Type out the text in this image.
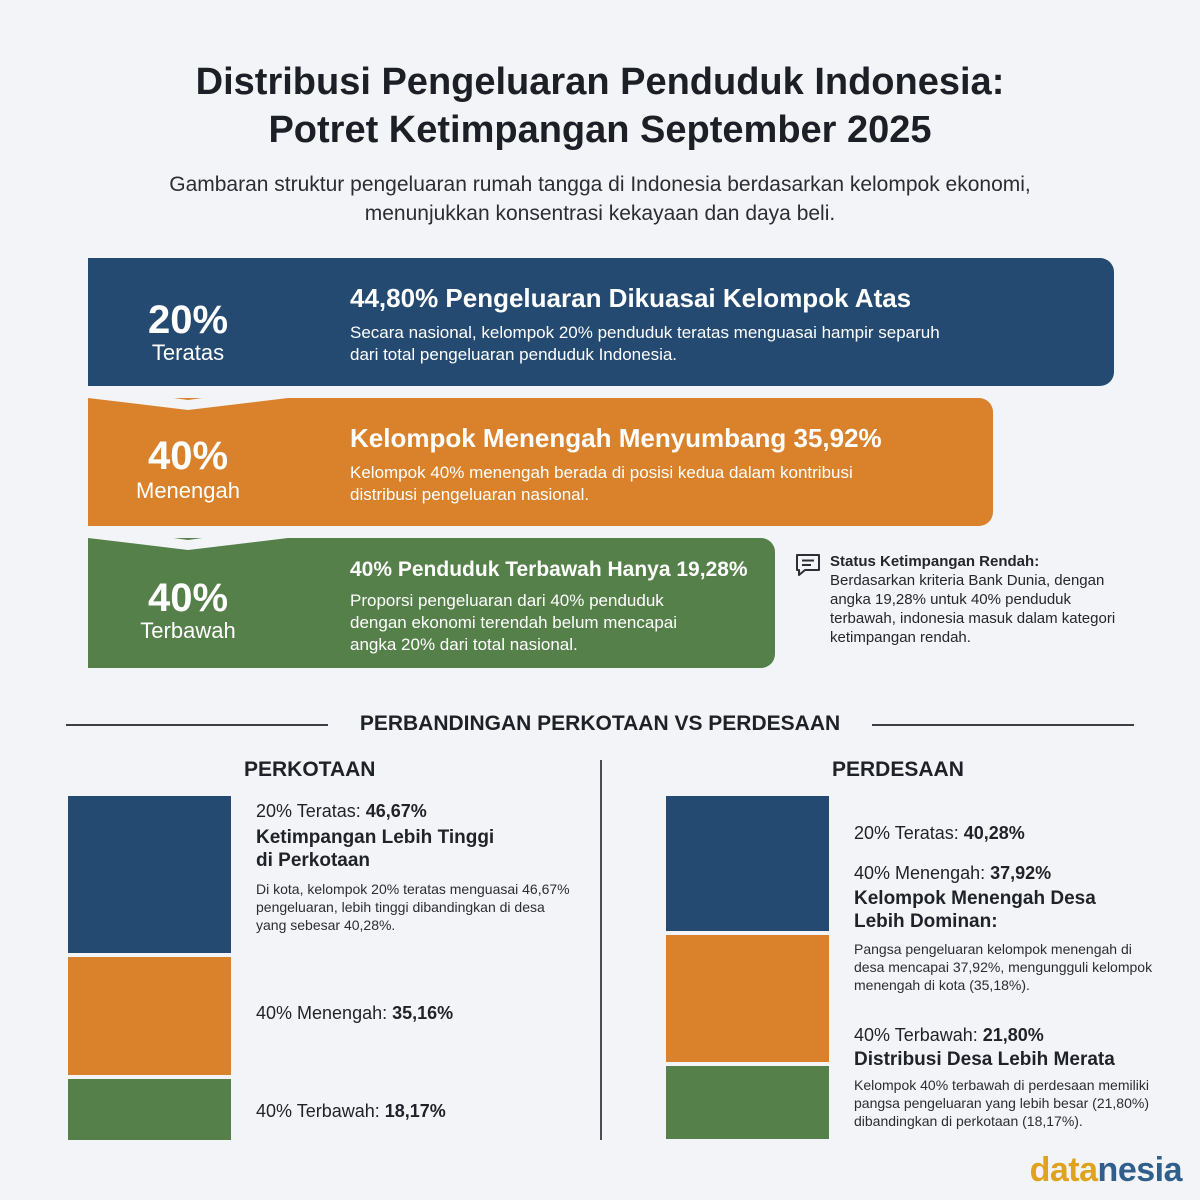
Distribusi Pengeluaran Penduduk Indonesia:
Potret Ketimpangan September 2025
Gambaran struktur pengeluaran rumah tangga di Indonesia berdasarkan kelompok ekonomi, menunjukkan konsentrasi kekayaan dan daya beli.
20%
Teratas
44,80% Pengeluaran Dikuasai Kelompok Atas
Secara nasional, kelompok 20% penduduk teratas menguasai hampir separuh
dari total pengeluaran penduduk Indonesia.
40%
Menengah
Kelompok Menengah Menyumbang 35,92%
Kelompok 40% menengah berada di posisi kedua dalam kontribusi
distribusi pengeluaran nasional.
40%
Terbawah
40% Penduduk Terbawah Hanya 19,28%
Proporsi pengeluaran dari 40% penduduk
dengan ekonomi terendah belum mencapai
angka 20% dari total nasional.
Status Ketimpangan Rendah:
Berdasarkan kriteria Bank Dunia, dengan angka 19,28% untuk 40% penduduk terbawah, indonesia masuk dalam kategori ketimpangan rendah.
PERBANDINGAN PERKOTAAN VS PERDESAAN
PERKOTAAN
20% Teratas: 46,67%
Ketimpangan Lebih Tinggi
di Perkotaan
Di kota, kelompok 20% teratas menguasai 46,67% pengeluaran, lebih tinggi dibandingkan di desa yang sebesar 40,28%.
40% Menengah: 35,16%
40% Terbawah: 18,17%
PERDESAAN
20% Teratas: 40,28%
40% Menengah: 37,92%
Kelompok Menengah Desa
Lebih Dominan:
Pangsa pengeluaran kelompok menengah di desa mencapai 37,92%, mengungguli kelompok menengah di kota (35,18%).
40% Terbawah: 21,80%
Distribusi Desa Lebih Merata
Kelompok 40% terbawah di perdesaan memiliki pangsa pengeluaran yang lebih besar (21,80%) dibandingkan di perkotaan (18,17%).
datanesia
